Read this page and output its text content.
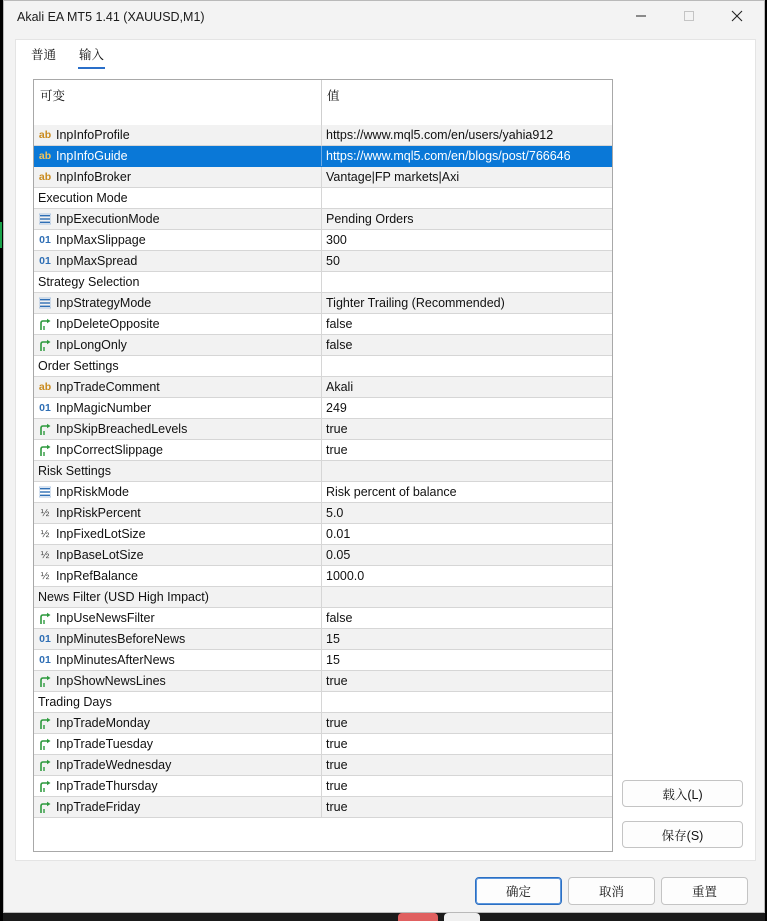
Akali EA MT5 1.41 (XAUUSD,M1)
普通 输入
可变	值
ab InpInfoProfile	https://www.mql5.com/en/users/yahia912
ab InpInfoGuide	https://www.mql5.com/en/blogs/post/766646
ab InpInfoBroker	Vantage|FP markets|Axi
Execution Mode
InpExecutionMode	Pending Orders
01 InpMaxSlippage	300
01 InpMaxSpread	50
Strategy Selection
InpStrategyMode	Tighter Trailing (Recommended)
InpDeleteOpposite	false
InpLongOnly	false
Order Settings
ab InpTradeComment	Akali
01 InpMagicNumber	249
InpSkipBreachedLevels	true
InpCorrectSlippage	true
Risk Settings
InpRiskMode	Risk percent of balance
½ InpRiskPercent	5.0
½ InpFixedLotSize	0.01
½ InpBaseLotSize	0.05
½ InpRefBalance	1000.0
News Filter (USD High Impact)
InpUseNewsFilter	false
01 InpMinutesBeforeNews	15
01 InpMinutesAfterNews	15
InpShowNewsLines	true
Trading Days
InpTradeMonday	true
InpTradeTuesday	true
InpTradeWednesday	true
InpTradeThursday	true
InpTradeFriday	true
载入(L)
保存(S)
确定	取消	重置
